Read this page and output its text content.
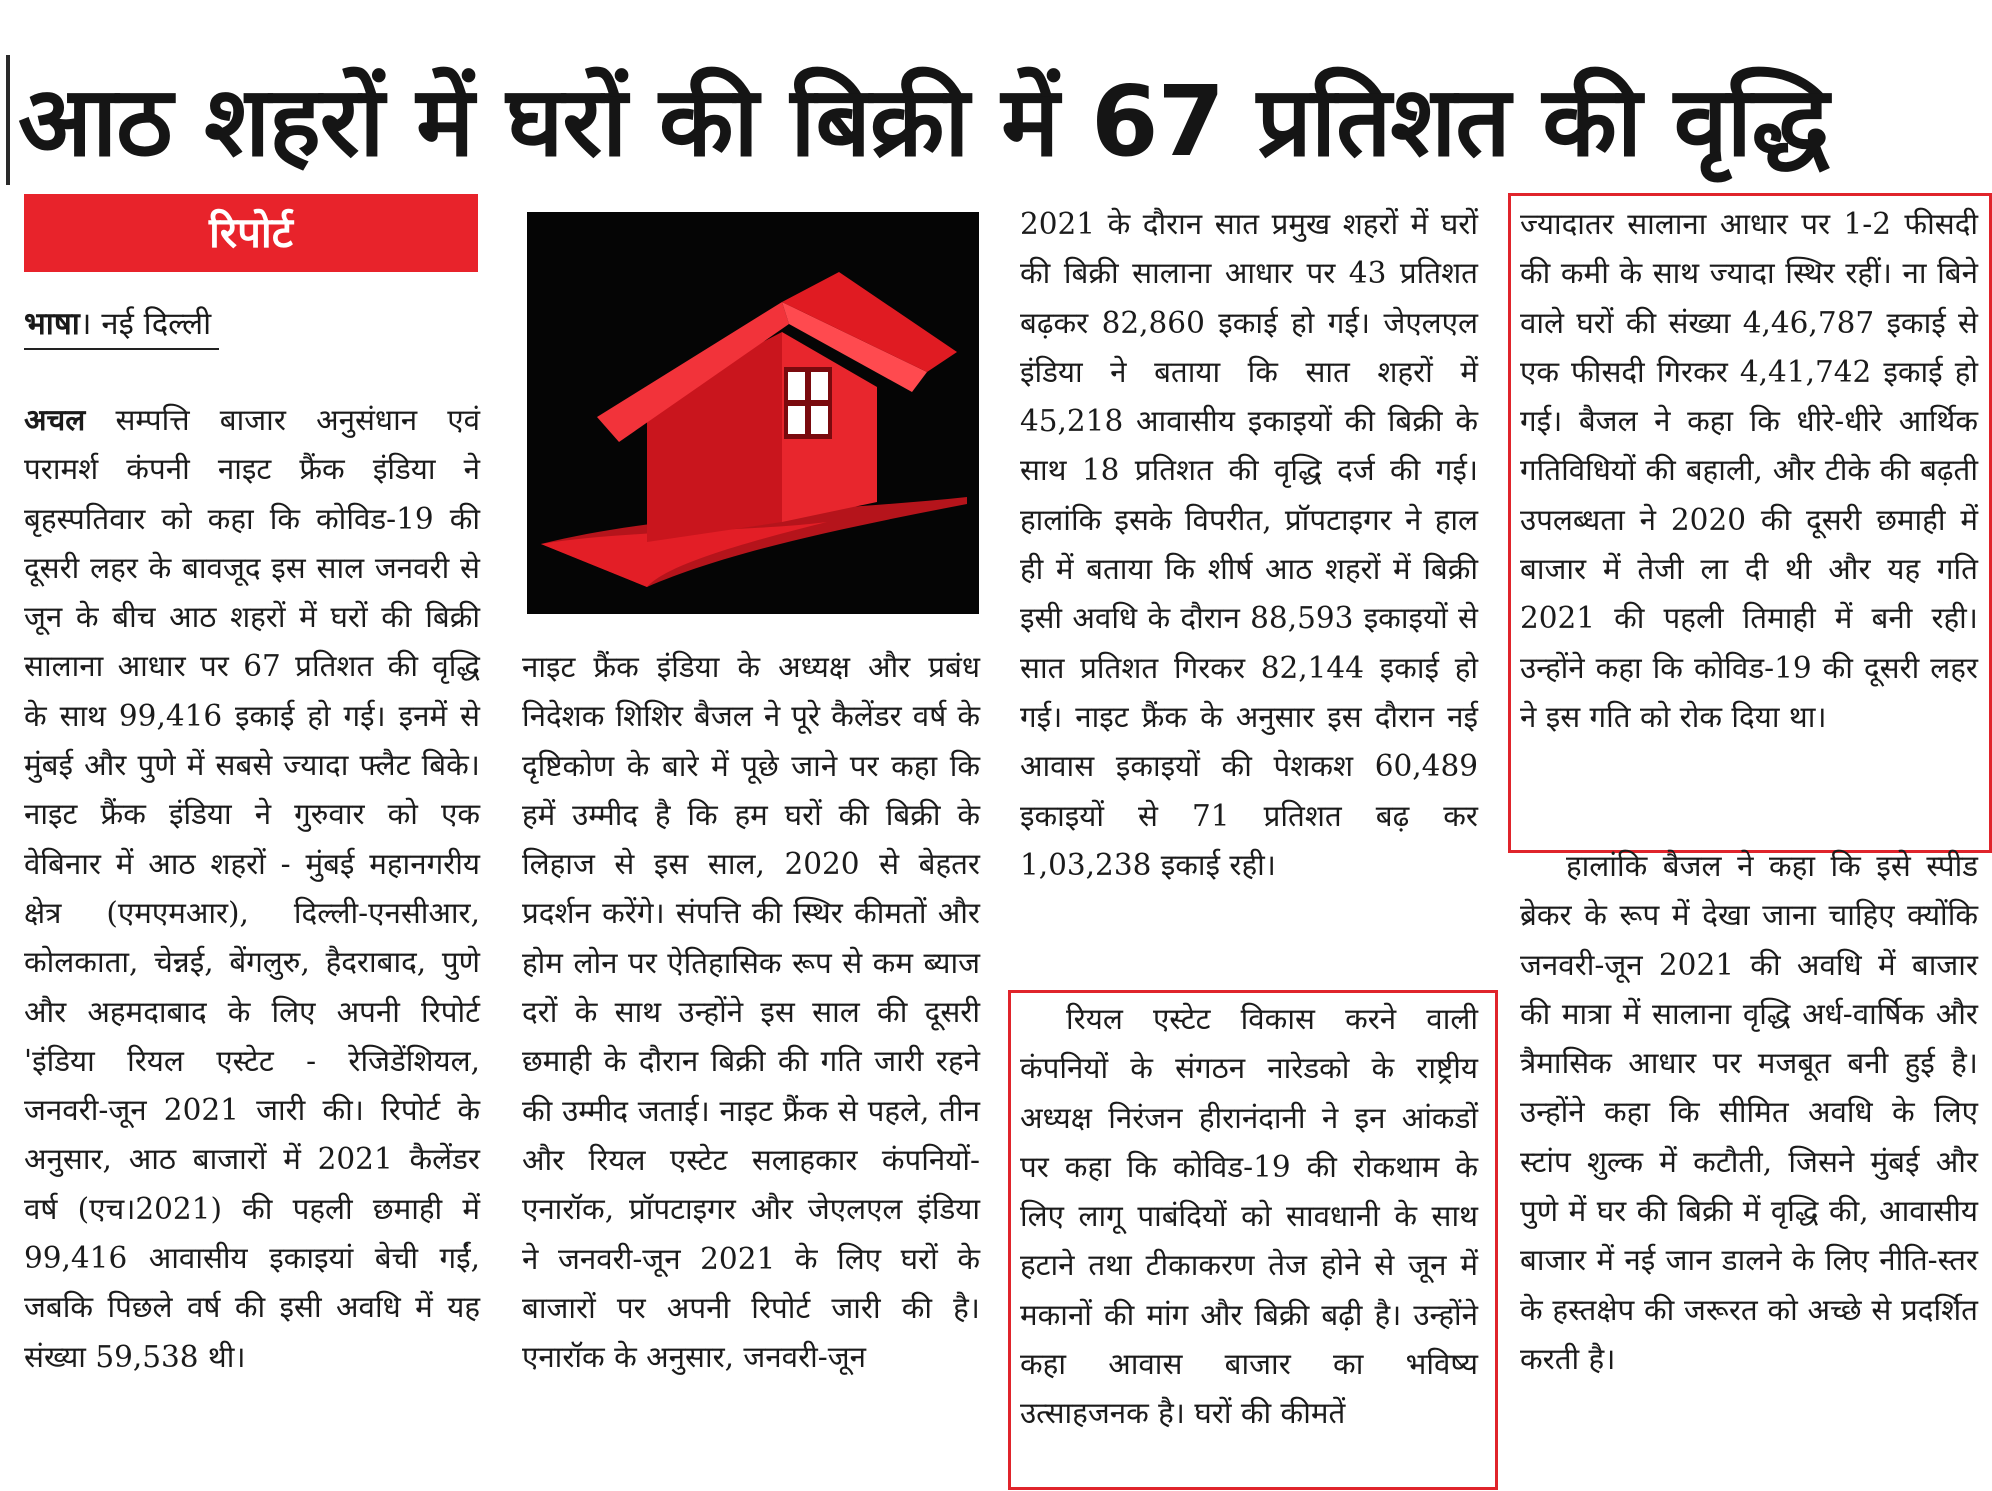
आठ शहरों में घरों की बिक्री में 67 प्रतिशत की वृद्धि
रिपोर्ट
भाषा। नई दिल्ली

अचल सम्पत्ति बाजार अनुसंधान एवं परामर्श कंपनी नाइट फ्रैंक इंडिया ने बृहस्पतिवार को कहा कि कोविड-19 की दूसरी लहर के बावजूद इस साल जनवरी से जून के बीच आठ शहरों में घरों की बिक्री सालाना आधार पर 67 प्रतिशत की वृद्धि के साथ 99,416 इकाई हो गई। इनमें से मुंबई और पुणे में सबसे ज्यादा फ्लैट बिके। नाइट फ्रैंक इंडिया ने गुरुवार को एक वेबिनार में आठ शहरों - मुंबई महानगरीय क्षेत्र (एमएमआर), दिल्ली-एनसीआर, कोलकाता, चेन्नई, बेंगलुरु, हैदराबाद, पुणे और अहमदाबाद के लिए अपनी रिपोर्ट 'इंडिया रियल एस्टेट - रेजिडेंशियल, जनवरी-जून 2021 जारी की। रिपोर्ट के अनुसार, आठ बाजारों में 2021 कैलेंडर वर्ष (एच।2021) की पहली छमाही में 99,416 आवासीय इकाइयां बेची गईं, जबकि पिछले वर्ष की इसी अवधि में यह संख्या 59,538 थी।

नाइट फ्रैंक इंडिया के अध्यक्ष और प्रबंध निदेशक शिशिर बैजल ने पूरे कैलेंडर वर्ष के दृष्टिकोण के बारे में पूछे जाने पर कहा कि हमें उम्मीद है कि हम घरों की बिक्री के लिहाज से इस साल, 2020 से बेहतर प्रदर्शन करेंगे। संपत्ति की स्थिर कीमतों और होम लोन पर ऐतिहासिक रूप से कम ब्याज दरों के साथ उन्होंने इस साल की दूसरी छमाही के दौरान बिक्री की गति जारी रहने की उम्मीद जताई। नाइट फ्रैंक से पहले, तीन और रियल एस्टेट सलाहकार कंपनियों- एनारॉक, प्रॉपटाइगर और जेएलएल इंडिया ने जनवरी-जून 2021 के लिए घरों के बाजारों पर अपनी रिपोर्ट जारी की है। एनारॉक के अनुसार, जनवरी-जून

2021 के दौरान सात प्रमुख शहरों में घरों की बिक्री सालाना आधार पर 43 प्रतिशत बढ़कर 82,860 इकाई हो गई। जेएलएल इंडिया ने बताया कि सात शहरों में 45,218 आवासीय इकाइयों की बिक्री के साथ 18 प्रतिशत की वृद्धि दर्ज की गई। हालांकि इसके विपरीत, प्रॉपटाइगर ने हाल ही में बताया कि शीर्ष आठ शहरों में बिक्री इसी अवधि के दौरान 88,593 इकाइयों से सात प्रतिशत गिरकर 82,144 इकाई हो गई। नाइट फ्रैंक के अनुसार इस दौरान नई आवास इकाइयों की पेशकश 60,489 इकाइयों से 71 प्रतिशत बढ़ कर 1,03,238 इकाई रही।

रियल एस्टेट विकास करने वाली कंपनियों के संगठन नारेडको के राष्ट्रीय अध्यक्ष निरंजन हीरानंदानी ने इन आंकडों पर कहा कि कोविड-19 की रोकथाम के लिए लागू पाबंदियों को सावधानी के साथ हटाने तथा टीकाकरण तेज होने से जून में मकानों की मांग और बिक्री बढ़ी है। उन्होंने कहा आवास बाजार का भविष्य उत्साहजनक है। घरों की कीमतें

ज्यादातर सालाना आधार पर 1-2 फीसदी की कमी के साथ ज्यादा स्थिर रहीं। ना बिने वाले घरों की संख्या 4,46,787 इकाई से एक फीसदी गिरकर 4,41,742 इकाई हो गई। बैजल ने कहा कि धीरे-धीरे आर्थिक गतिविधियों की बहाली, और टीके की बढ़ती उपलब्धता ने 2020 की दूसरी छमाही में बाजार में तेजी ला दी थी और यह गति 2021 की पहली तिमाही में बनी रही। उन्होंने कहा कि कोविड-19 की दूसरी लहर ने इस गति को रोक दिया था।

हालांकि बैजल ने कहा कि इसे स्पीड ब्रेकर के रूप में देखा जाना चाहिए क्योंकि जनवरी-जून 2021 की अवधि में बाजार की मात्रा में सालाना वृद्धि अर्ध-वार्षिक और त्रैमासिक आधार पर मजबूत बनी हुई है। उन्होंने कहा कि सीमित अवधि के लिए स्टांप शुल्क में कटौती, जिसने मुंबई और पुणे में घर की बिक्री में वृद्धि की, आवासीय बाजार में नई जान डालने के लिए नीति-स्तर के हस्तक्षेप की जरूरत को अच्छे से प्रदर्शित करती है।
